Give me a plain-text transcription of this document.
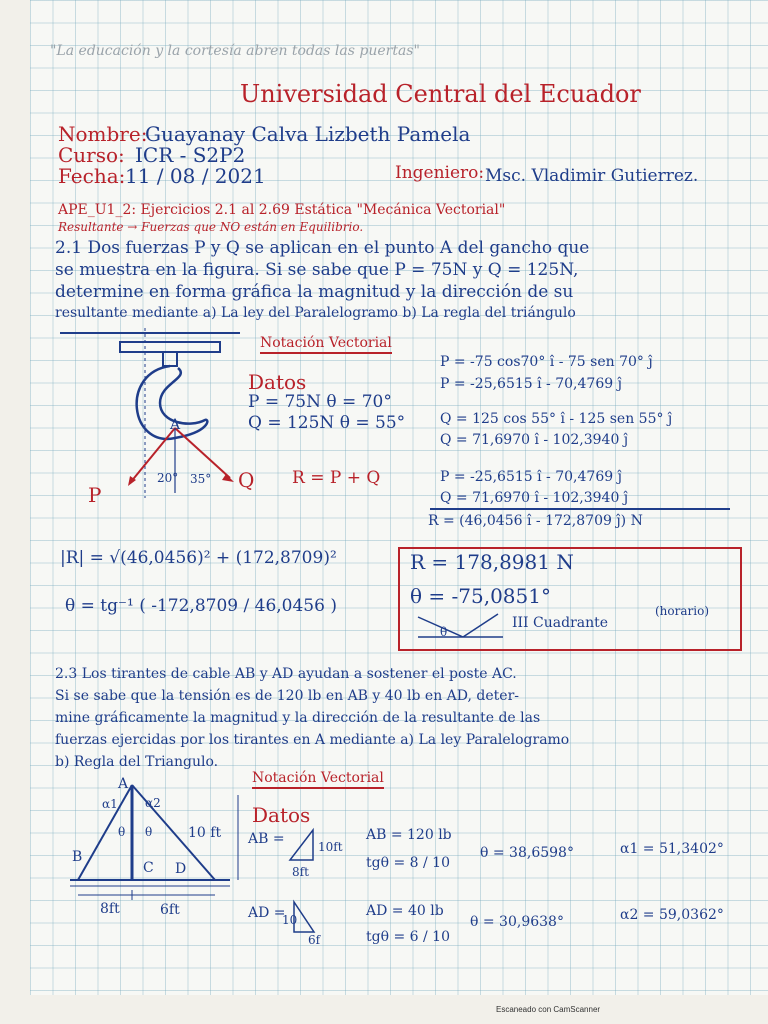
"La educación y la cortesía abren todas las puertas"
Universidad Central del Ecuador
Nombre:
Guayanay Calva Lizbeth Pamela
Curso: ICR - S2P2
Fecha: 11 / 08 / 2021	Ingeniero: Msc. Vladimir Gutierrez.
APE_U1_2: Ejercicios 2.1 al 2.69 Estática "Mecánica Vectorial"
Resultante → Fuerzas que NO están en Equilibrio.
2.1 Dos fuerzas P y Q se aplican en el punto A del gancho que
se muestra en la figura. Si se sabe que P = 75N y Q = 125N,
determine en forma gráfica la magnitud y la dirección de su
resultante mediante a) La ley del Paralelogramo b) La regla del triángulo
A
P
Q
20° 35°
Notación Vectorial
Datos
P = 75N θ = 70°
Q = 125N θ = 55°
R = P + Q
P = -75 cos70° î - 75 sen 70° ĵ
P = -25,6515 î - 70,4769 ĵ
Q = 125 cos 55° î - 125 sen 55° ĵ
Q = 71,6970 î - 102,3940 ĵ
P = -25,6515 î - 70,4769 ĵ
Q = 71,6970 î - 102,3940 ĵ
R = (46,0456 î - 172,8709 ĵ) N
|R| = √(46,0456)² + (172,8709)²
θ = tg⁻¹ ( -172,8709 / 46,0456 )
R = 178,8981 N
θ = -75,0851°
θ
III Cuadrante
(horario)
2.3 Los tirantes de cable AB y AD ayudan a sostener el poste AC.
Si se sabe que la tensión es de 120 lb en AB y 40 lb en AD, deter-
mine gráficamente la magnitud y la dirección de la resultante de las
fuerzas ejercidas por los tirantes en A mediante a) La ley Paralelogramo
b) Regla del Triangulo.
Notación Vectorial
A
B
C D
α1 α2
θ θ	10 ft
8ft	6ft
Datos
AB =	10ft
8ft
AB = 120 lb
tgθ = 8 / 10
θ = 38,6598°	α1 = 51,3402°
AD =
10
6f
AD = 40 lb
tgθ = 6 / 10
θ = 30,9638°	α2 = 59,0362°
Escaneado con CamScanner
